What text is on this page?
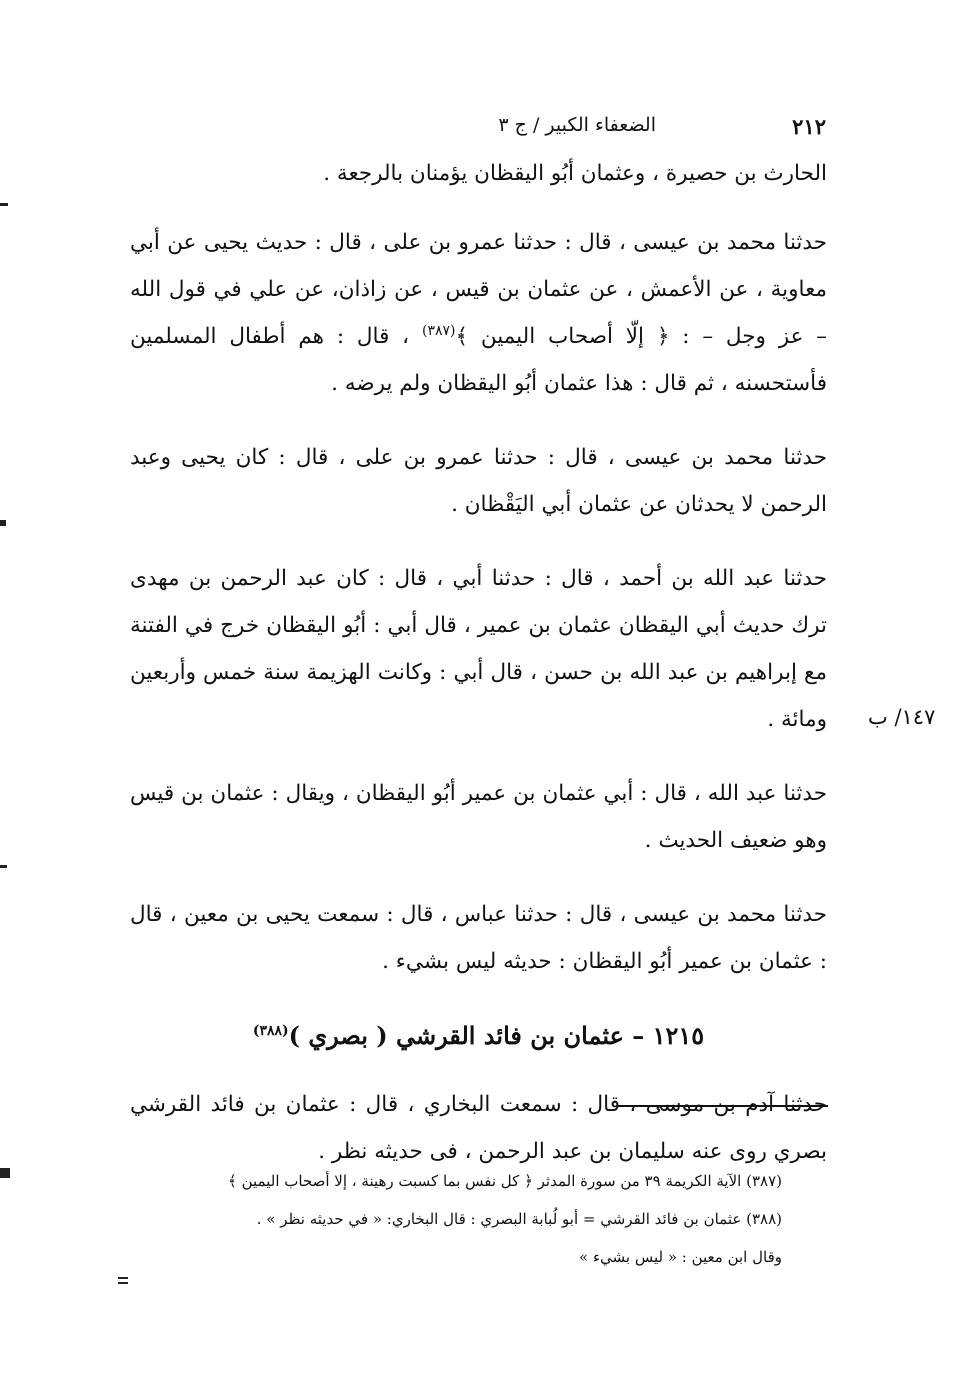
٢١٢
الضعفاء الكبير / ج ٣

الحارث بن حصيرة ، وعثمان أبُو اليقظان يؤمنان بالرجعة .

حدثنا محمد بن عيسى ، قال : حدثنا عمرو بن على ، قال : حديث يحيى عن أبي معاوية ، عن الأعمش ، عن عثمان بن قيس ، عن زاذان، عن علي في قول الله – عز وجل – : ﴿ إلّا أصحاب اليمين ﴾$^{(٣٨٧)}$ ، قال : هم أطفال المسلمين فأستحسنه ، ثم قال : هذا عثمان أبُو اليقظان ولم يرضه .

حدثنا محمد بن عيسى ، قال : حدثنا عمرو بن على ، قال : كان يحيى وعبد الرحمن لا يحدثان عن عثمان أبي اليَقْظان .

حدثنا عبد الله بن أحمد ، قال : حدثنا أبي ، قال : كان عبد الرحمن بن مهدى ترك حديث أبي اليقظان عثمان بن عمير ، قال أبي : أبُو اليقظان خرج في الفتنة مع إبراهيم بن عبد الله بن حسن ، قال أبي : وكانت الهزيمة سنة خمس وأربعين ومائة .

حدثنا عبد الله ، قال : أبي عثمان بن عمير أبُو اليقظان ، ويقال : عثمان بن قيس وهو ضعيف الحديث .

حدثنا محمد بن عيسى ، قال : حدثنا عباس ، قال : سمعت يحيى بن معين ، قال : عثمان بن عمير أبُو اليقظان : حديثه ليس بشيء .

١٢١٥ – عثمان بن فائد القرشي ( بصري )$^{(٣٨٨)}$

حدثنا آدم بن موسى ، قال : سمعت البخاري ، قال : عثمان بن فائد القرشي بصري روى عنه سليمان بن عبد الرحمن ، فى حديثه نظر .

١٤٧/ ب

(٣٨٧) الآية الكريمة ٣٩ من سورة المدثر ﴿ كل نفس بما كسبت رهينة ، إلا أصحاب اليمين ﴾

(٣٨٨) عثمان بن فائد القرشي = أبو لُبابة البصري : قال البخاري: « في حديثه نظر » .

وقال ابن معين : « ليس بشيء »
